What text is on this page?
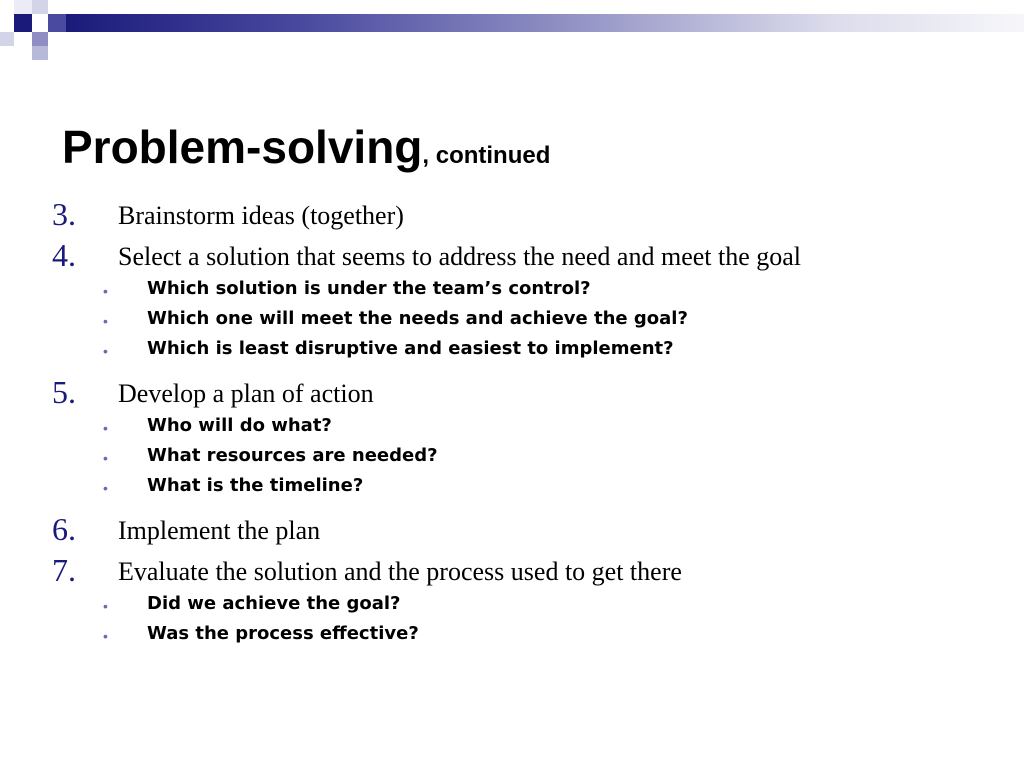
Problem-solving, continued
3. Brainstorm ideas (together)
4. Select a solution that seems to address the need and meet the goal
• Which solution is under the team’s control?
• Which one will meet the needs and achieve the goal?
• Which is least disruptive and easiest to implement?
5. Develop a plan of action
• Who will do what?
• What resources are needed?
• What is the timeline?
6. Implement the plan
7. Evaluate the solution and the process used to get there
• Did we achieve the goal?
• Was the process effective?
